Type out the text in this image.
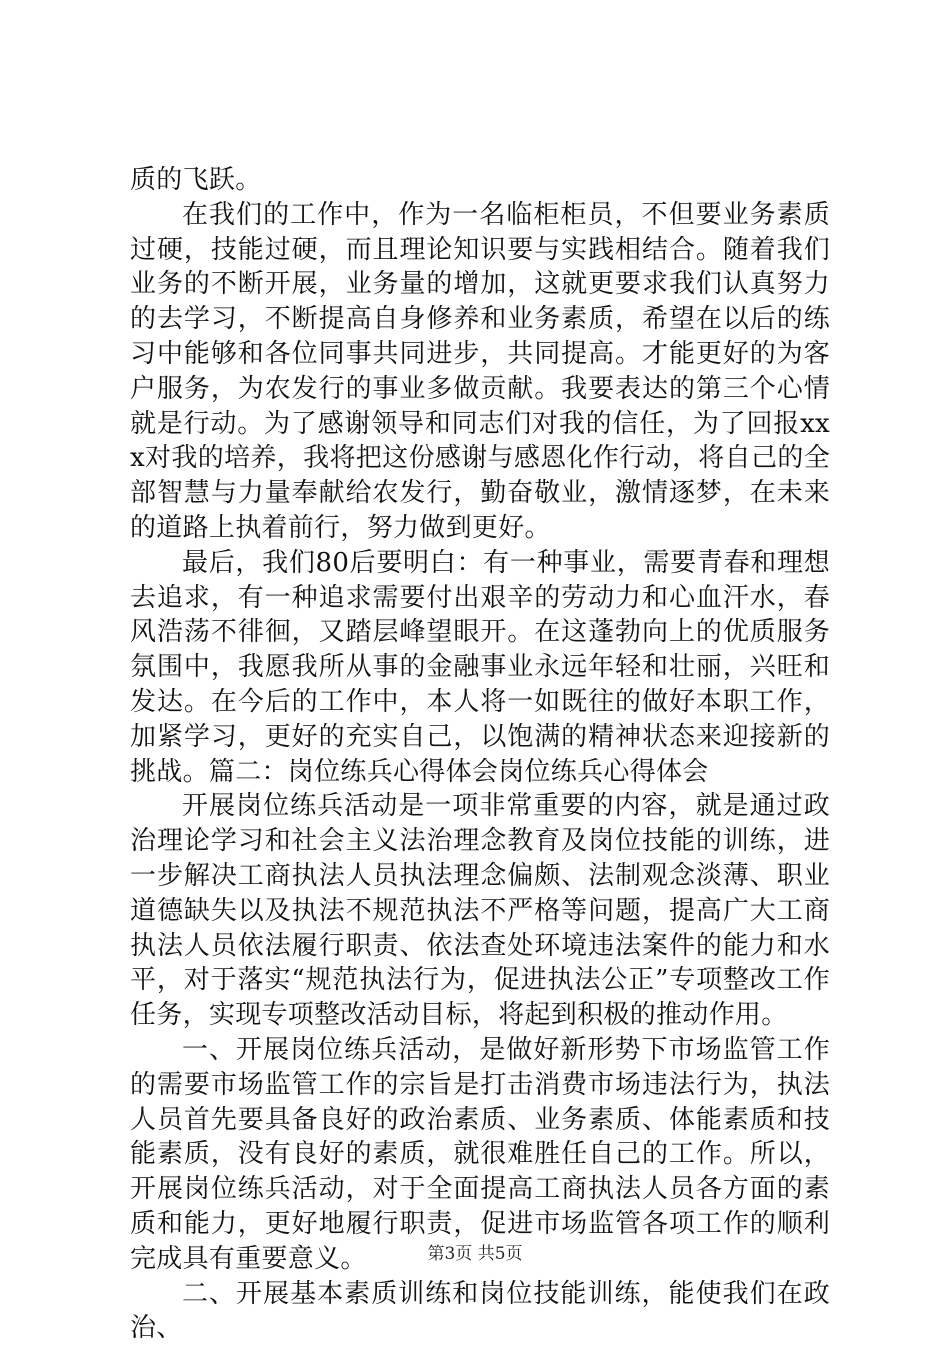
质的飞跃。

在我们的工作中，作为一名临柜柜员，不但要业务素质过硬，技能过硬，而且理论知识要与实践相结合。随着我们业务的不断开展，业务量的增加，这就更要求我们认真努力的去学习，不断提高自身修养和业务素质，希望在以后的练习中能够和各位同事共同进步，共同提高。才能更好的为客户服务，为农发行的事业多做贡献。我要表达的第三个心情就是行动。为了感谢领导和同志们对我的信任，为了回报xxx对我的培养，我将把这份感谢与感恩化作行动，将自己的全部智慧与力量奉献给农发行，勤奋敬业，激情逐梦，在未来的道路上执着前行，努力做到更好。

最后，我们80后要明白：有一种事业，需要青春和理想去追求，有一种追求需要付出艰辛的劳动力和心血汗水，春风浩荡不徘徊，又踏层峰望眼开。在这蓬勃向上的优质服务氛围中，我愿我所从事的金融事业永远年轻和壮丽，兴旺和发达。在今后的工作中，本人将一如既往的做好本职工作，加紧学习，更好的充实自己，以饱满的精神状态来迎接新的挑战。篇二：岗位练兵心得体会岗位练兵心得体会

开展岗位练兵活动是一项非常重要的内容，就是通过政治理论学习和社会主义法治理念教育及岗位技能的训练，进一步解决工商执法人员执法理念偏颇、法制观念淡薄、职业道德缺失以及执法不规范执法不严格等问题，提高广大工商执法人员依法履行职责、依法查处环境违法案件的能力和水平，对于落实“规范执法行为，促进执法公正”专项整改工作任务，实现专项整改活动目标，将起到积极的推动作用。

一、开展岗位练兵活动，是做好新形势下市场监管工作的需要市场监管工作的宗旨是打击消费市场违法行为，执法人员首先要具备良好的政治素质、业务素质、体能素质和技能素质，没有良好的素质，就很难胜任自己的工作。所以，开展岗位练兵活动，对于全面提高工商执法人员各方面的素质和能力，更好地履行职责，促进市场监管各项工作的顺利完成具有重要意义。

二、开展基本素质训练和岗位技能训练，能使我们在政治、

第3页 共5页
